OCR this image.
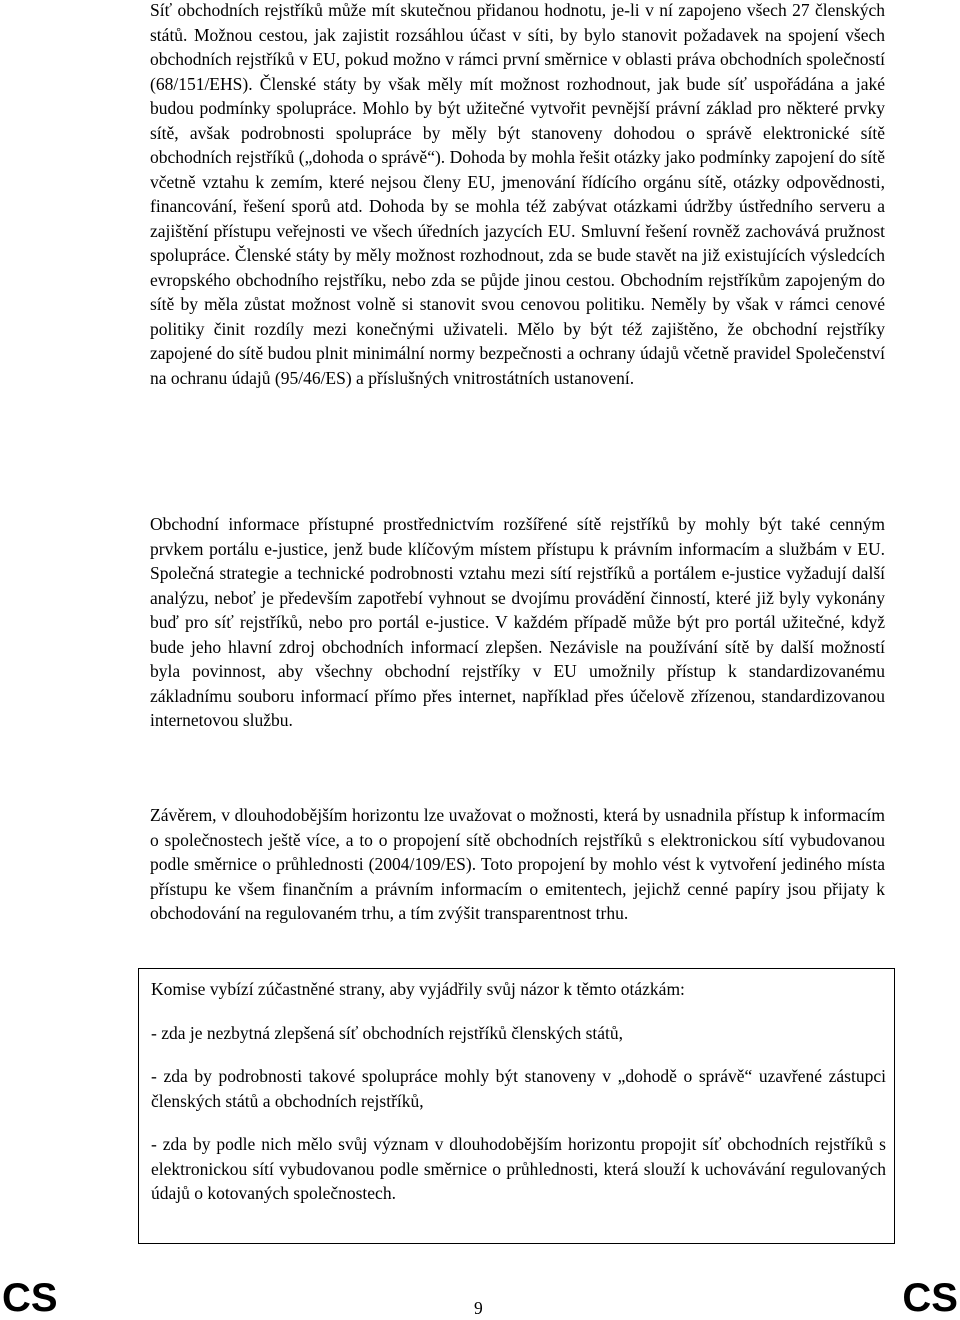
Síť obchodních rejstříků může mít skutečnou přidanou hodnotu, je-li v ní zapojeno všech 27 členských států. Možnou cestou, jak zajistit rozsáhlou účast v síti, by bylo stanovit požadavek na spojení všech obchodních rejstříků v EU, pokud možno v rámci první směrnice v oblasti práva obchodních společností (68/151/EHS). Členské státy by však měly mít možnost rozhodnout, jak bude síť uspořádána a jaké budou podmínky spolupráce. Mohlo by být užitečné vytvořit pevnější právní základ pro některé prvky sítě, avšak podrobnosti spolupráce by měly být stanoveny dohodou o správě elektronické sítě obchodních rejstříků („dohoda o správě“). Dohoda by mohla řešit otázky jako podmínky zapojení do sítě včetně vztahu k zemím, které nejsou členy EU, jmenování řídícího orgánu sítě, otázky odpovědnosti, financování, řešení sporů atd. Dohoda by se mohla též zabývat otázkami údržby ústředního serveru a zajištění přístupu veřejnosti ve všech úředních jazycích EU. Smluvní řešení rovněž zachovává pružnost spolupráce. Členské státy by měly možnost rozhodnout, zda se bude stavět na již existujících výsledcích evropského obchodního rejstříku, nebo zda se půjde jinou cestou. Obchodním rejstříkům zapojeným do sítě by měla zůstat možnost volně si stanovit svou cenovou politiku. Neměly by však v rámci cenové politiky činit rozdíly mezi konečnými uživateli. Mělo by být též zajištěno, že obchodní rejstříky zapojené do sítě budou plnit minimální normy bezpečnosti a ochrany údajů včetně pravidel Společenství na ochranu údajů (95/46/ES) a příslušných vnitrostátních ustanovení.

Obchodní informace přístupné prostřednictvím rozšířené sítě rejstříků by mohly být také cenným prvkem portálu e-justice, jenž bude klíčovým místem přístupu k právním informacím a službám v EU. Společná strategie a technické podrobnosti vztahu mezi sítí rejstříků a portálem e-justice vyžadují další analýzu, neboť je především zapotřebí vyhnout se dvojímu provádění činností, které již byly vykonány buď pro síť rejstříků, nebo pro portál e-justice. V každém případě může být pro portál užitečné, když bude jeho hlavní zdroj obchodních informací zlepšen. Nezávisle na používání sítě by další možností byla povinnost, aby všechny obchodní rejstříky v EU umožnily přístup k standardizovanému základnímu souboru informací přímo přes internet, například přes účelově zřízenou, standardizovanou internetovou službu.

Závěrem, v dlouhodobějším horizontu lze uvažovat o možnosti, která by usnadnila přístup k informacím o společnostech ještě více, a to o propojení sítě obchodních rejstříků s elektronickou sítí vybudovanou podle směrnice o průhlednosti (2004/109/ES). Toto propojení by mohlo vést k vytvoření jediného místa přístupu ke všem finančním a právním informacím o emitentech, jejichž cenné papíry jsou přijaty k obchodování na regulovaném trhu, a tím zvýšit transparentnost trhu.

Komise vybízí zúčastněné strany, aby vyjádřily svůj názor k těmto otázkám:

- zda je nezbytná zlepšená síť obchodních rejstříků členských států,

- zda by podrobnosti takové spolupráce mohly být stanoveny v „dohodě o správě“ uzavřené zástupci členských států a obchodních rejstříků,

- zda by podle nich mělo svůj význam v dlouhodobějším horizontu propojit síť obchodních rejstříků s elektronickou sítí vybudovanou podle směrnice o průhlednosti, která slouží k uchovávání regulovaných údajů o kotovaných společnostech.

CS	9	CS
